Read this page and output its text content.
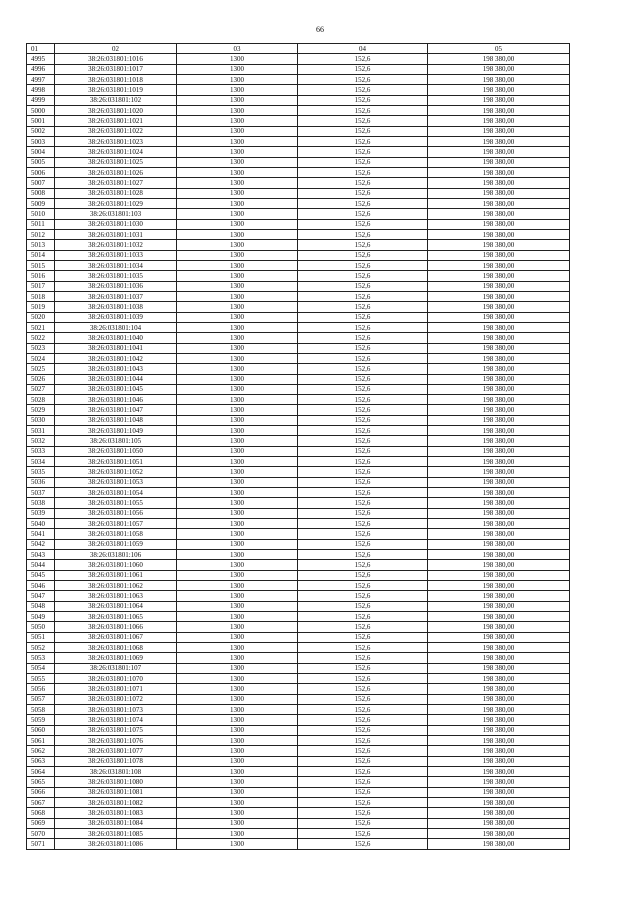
66
01	02	03	04	05
4995	38:26:031801:1016	1300	152,6	198 380,00
4996	38:26:031801:1017	1300	152,6	198 380,00
4997	38:26:031801:1018	1300	152,6	198 380,00
4998	38:26:031801:1019	1300	152,6	198 380,00
4999	38:26:031801:102	1300	152,6	198 380,00
5000	38:26:031801:1020	1300	152,6	198 380,00
5001	38:26:031801:1021	1300	152,6	198 380,00
5002	38:26:031801:1022	1300	152,6	198 380,00
5003	38:26:031801:1023	1300	152,6	198 380,00
5004	38:26:031801:1024	1300	152,6	198 380,00
5005	38:26:031801:1025	1300	152,6	198 380,00
5006	38:26:031801:1026	1300	152,6	198 380,00
5007	38:26:031801:1027	1300	152,6	198 380,00
5008	38:26:031801:1028	1300	152,6	198 380,00
5009	38:26:031801:1029	1300	152,6	198 380,00
5010	38:26:031801:103	1300	152,6	198 380,00
5011	38:26:031801:1030	1300	152,6	198 380,00
5012	38:26:031801:1031	1300	152,6	198 380,00
5013	38:26:031801:1032	1300	152,6	198 380,00
5014	38:26:031801:1033	1300	152,6	198 380,00
5015	38:26:031801:1034	1300	152,6	198 380,00
5016	38:26:031801:1035	1300	152,6	198 380,00
5017	38:26:031801:1036	1300	152,6	198 380,00
5018	38:26:031801:1037	1300	152,6	198 380,00
5019	38:26:031801:1038	1300	152,6	198 380,00
5020	38:26:031801:1039	1300	152,6	198 380,00
5021	38:26:031801:104	1300	152,6	198 380,00
5022	38:26:031801:1040	1300	152,6	198 380,00
5023	38:26:031801:1041	1300	152,6	198 380,00
5024	38:26:031801:1042	1300	152,6	198 380,00
5025	38:26:031801:1043	1300	152,6	198 380,00
5026	38:26:031801:1044	1300	152,6	198 380,00
5027	38:26:031801:1045	1300	152,6	198 380,00
5028	38:26:031801:1046	1300	152,6	198 380,00
5029	38:26:031801:1047	1300	152,6	198 380,00
5030	38:26:031801:1048	1300	152,6	198 380,00
5031	38:26:031801:1049	1300	152,6	198 380,00
5032	38:26:031801:105	1300	152,6	198 380,00
5033	38:26:031801:1050	1300	152,6	198 380,00
5034	38:26:031801:1051	1300	152,6	198 380,00
5035	38:26:031801:1052	1300	152,6	198 380,00
5036	38:26:031801:1053	1300	152,6	198 380,00
5037	38:26:031801:1054	1300	152,6	198 380,00
5038	38:26:031801:1055	1300	152,6	198 380,00
5039	38:26:031801:1056	1300	152,6	198 380,00
5040	38:26:031801:1057	1300	152,6	198 380,00
5041	38:26:031801:1058	1300	152,6	198 380,00
5042	38:26:031801:1059	1300	152,6	198 380,00
5043	38:26:031801:106	1300	152,6	198 380,00
5044	38:26:031801:1060	1300	152,6	198 380,00
5045	38:26:031801:1061	1300	152,6	198 380,00
5046	38:26:031801:1062	1300	152,6	198 380,00
5047	38:26:031801:1063	1300	152,6	198 380,00
5048	38:26:031801:1064	1300	152,6	198 380,00
5049	38:26:031801:1065	1300	152,6	198 380,00
5050	38:26:031801:1066	1300	152,6	198 380,00
5051	38:26:031801:1067	1300	152,6	198 380,00
5052	38:26:031801:1068	1300	152,6	198 380,00
5053	38:26:031801:1069	1300	152,6	198 380,00
5054	38:26:031801:107	1300	152,6	198 380,00
5055	38:26:031801:1070	1300	152,6	198 380,00
5056	38:26:031801:1071	1300	152,6	198 380,00
5057	38:26:031801:1072	1300	152,6	198 380,00
5058	38:26:031801:1073	1300	152,6	198 380,00
5059	38:26:031801:1074	1300	152,6	198 380,00
5060	38:26:031801:1075	1300	152,6	198 380,00
5061	38:26:031801:1076	1300	152,6	198 380,00
5062	38:26:031801:1077	1300	152,6	198 380,00
5063	38:26:031801:1078	1300	152,6	198 380,00
5064	38:26:031801:108	1300	152,6	198 380,00
5065	38:26:031801:1080	1300	152,6	198 380,00
5066	38:26:031801:1081	1300	152,6	198 380,00
5067	38:26:031801:1082	1300	152,6	198 380,00
5068	38:26:031801:1083	1300	152,6	198 380,00
5069	38:26:031801:1084	1300	152,6	198 380,00
5070	38:26:031801:1085	1300	152,6	198 380,00
5071	38:26:031801:1086	1300	152,6	198 380,00
